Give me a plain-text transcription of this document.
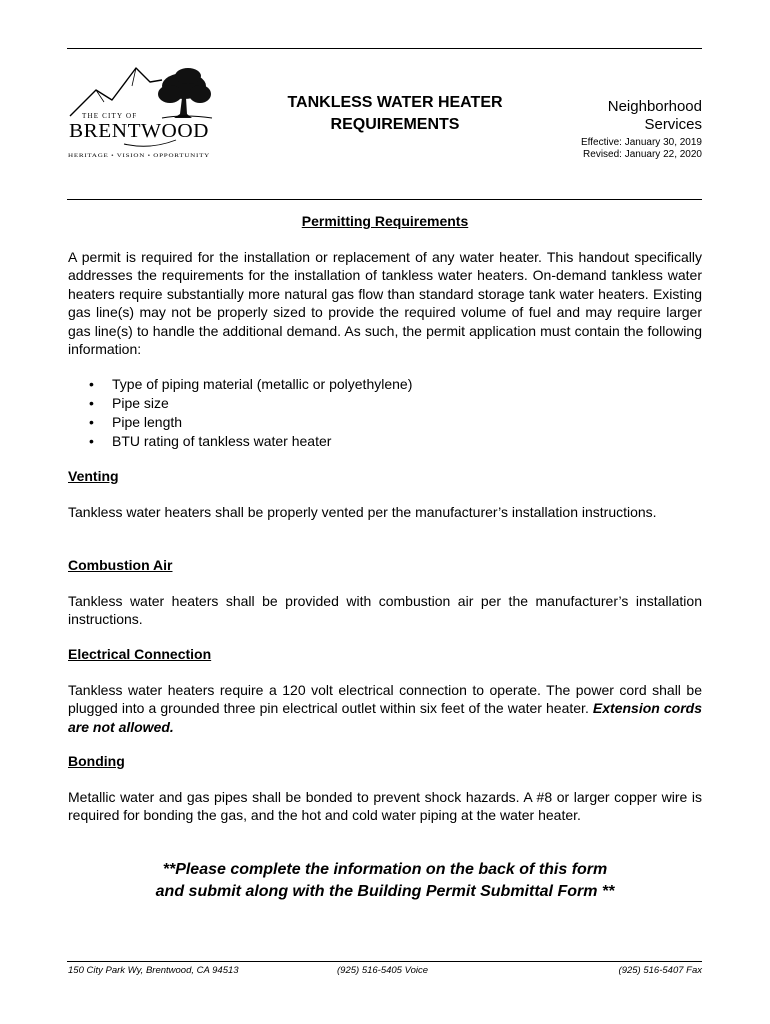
THE CITY OF
BRENTWOOD
HERITAGE • VISION • OPPORTUNITY
TANKLESS WATER HEATER
REQUIREMENTS
Neighborhood
Services
Effective: January 30, 2019
Revised: January 22, 2020
Permitting Requirements

A permit is required for the installation or replacement of any water heater. This handout specifically addresses the requirements for the installation of tankless water heaters. On-demand tankless water heaters require substantially more natural gas flow than standard storage tank water heaters. Existing gas line(s) may not be properly sized to provide the required volume of fuel and may require larger gas line(s) to handle the additional demand. As such, the permit application must contain the following information:

• Type of piping material (metallic or polyethylene)
• Pipe size
• Pipe length
• BTU rating of tankless water heater
Venting

Tankless water heaters shall be properly vented per the manufacturer’s installation instructions.

Combustion Air

Tankless water heaters shall be provided with combustion air per the manufacturer’s installation instructions.

Electrical Connection

Tankless water heaters require a 120 volt electrical connection to operate. The power cord shall be plugged into a grounded three pin electrical outlet within six feet of the water heater. Extension cords are not allowed.

Bonding

Metallic water and gas pipes shall be bonded to prevent shock hazards. A #8 or larger copper wire is required for bonding the gas, and the hot and cold water piping at the water heater.

**Please complete the information on the back of this form
and submit along with the Building Permit Submittal Form **
150 City Park Wy, Brentwood, CA 94513	(925) 516-5405 Voice	(925) 516-5407 Fax
